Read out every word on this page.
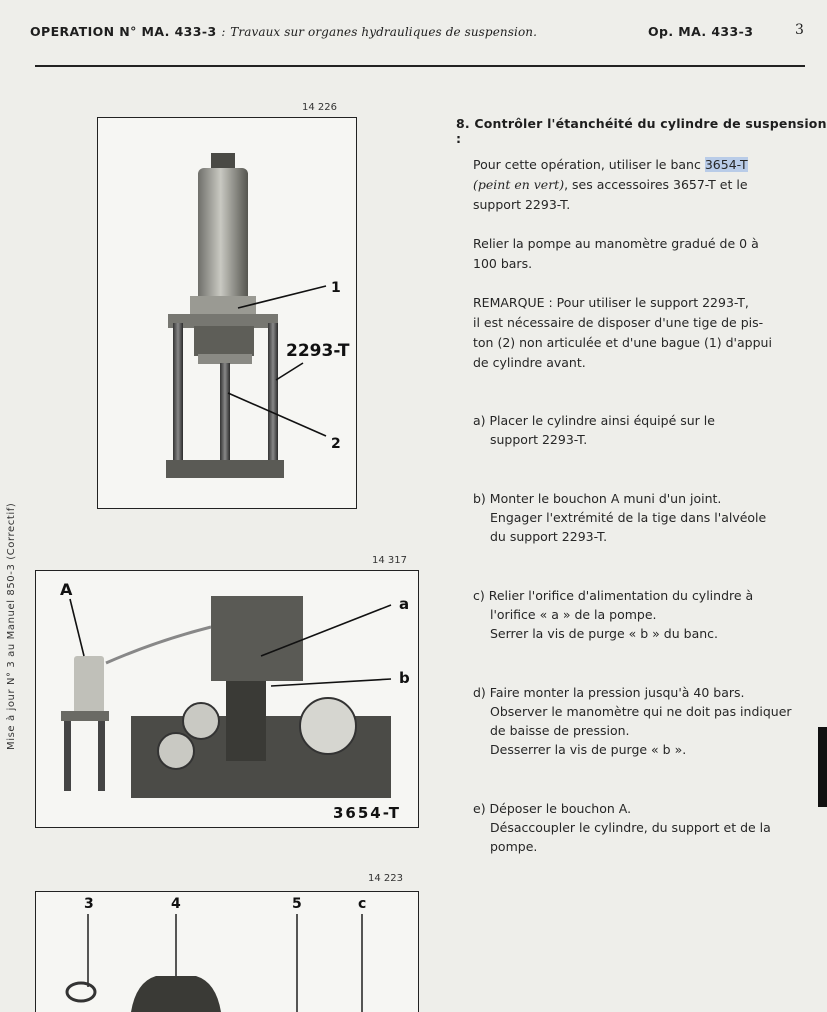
OPERATION N° MA. 433-3 : Travaux sur organes hydrauliques de suspension.	Op. MA. 433-3	3
Mise à jour N° 3 au Manuel 850-3 (Correctif)
14 226
1
2293-T
2
14 317
A
a
b
3654-T
14 223
3	4	5	c
8. Contrôler l'étanchéité du cylindre de suspension :
Pour cette opération, utiliser le banc 3654-T
(peint en vert), ses accessoires 3657-T et le
support 2293-T.
Relier la pompe au manomètre gradué de 0 à
100 bars.
REMARQUE : Pour utiliser le support 2293-T,
il est nécessaire de disposer d'une tige de pis-
ton (2) non articulée et d'une bague (1) d'appui
de cylindre avant.
a) Placer le cylindre ainsi équipé sur le
support 2293-T.
b) Monter le bouchon A muni d'un joint.
Engager l'extrémité de la tige dans l'alvéole
du support 2293-T.
c) Relier l'orifice d'alimentation du cylindre à
l'orifice « a » de la pompe.
Serrer la vis de purge « b » du banc.
d) Faire monter la pression jusqu'à 40 bars.
Observer le manomètre qui ne doit pas indiquer
de baisse de pression.
Desserrer la vis de purge « b ».
e) Déposer le bouchon A.
Désaccoupler le cylindre, du support et de la
pompe.
